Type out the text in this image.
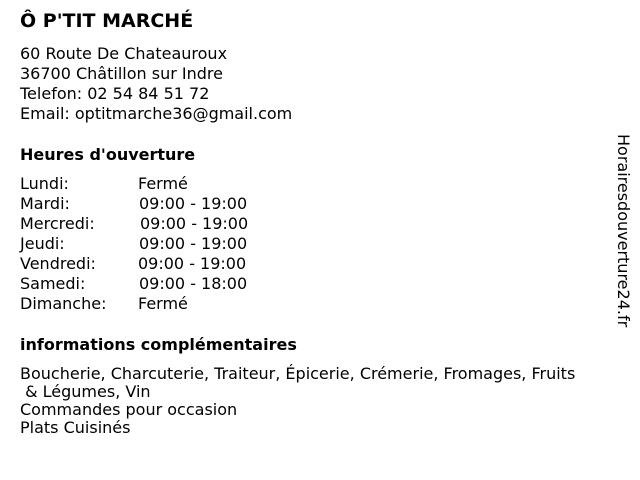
Ô P'TIT MARCHÉ
60 Route De Chateauroux
36700 Châtillon sur Indre
Telefon: 02 54 84 51 72
Email: optitmarche36@gmail.com
Heures d'ouverture
Lundi:	Fermé
Mardi:	09:00 - 19:00
Mercredi:	09:00 - 19:00
Jeudi:	09:00 - 19:00
Vendredi:	09:00 - 19:00
Samedi:	09:00 - 18:00
Dimanche: Fermé
informations complémentaires
Boucherie, Charcuterie, Traiteur, Épicerie, Crémerie, Fromages, Fruits
& Légumes, Vin
Commandes pour occasion
Plats Cuisinés
Horairesdouverture24.fr
